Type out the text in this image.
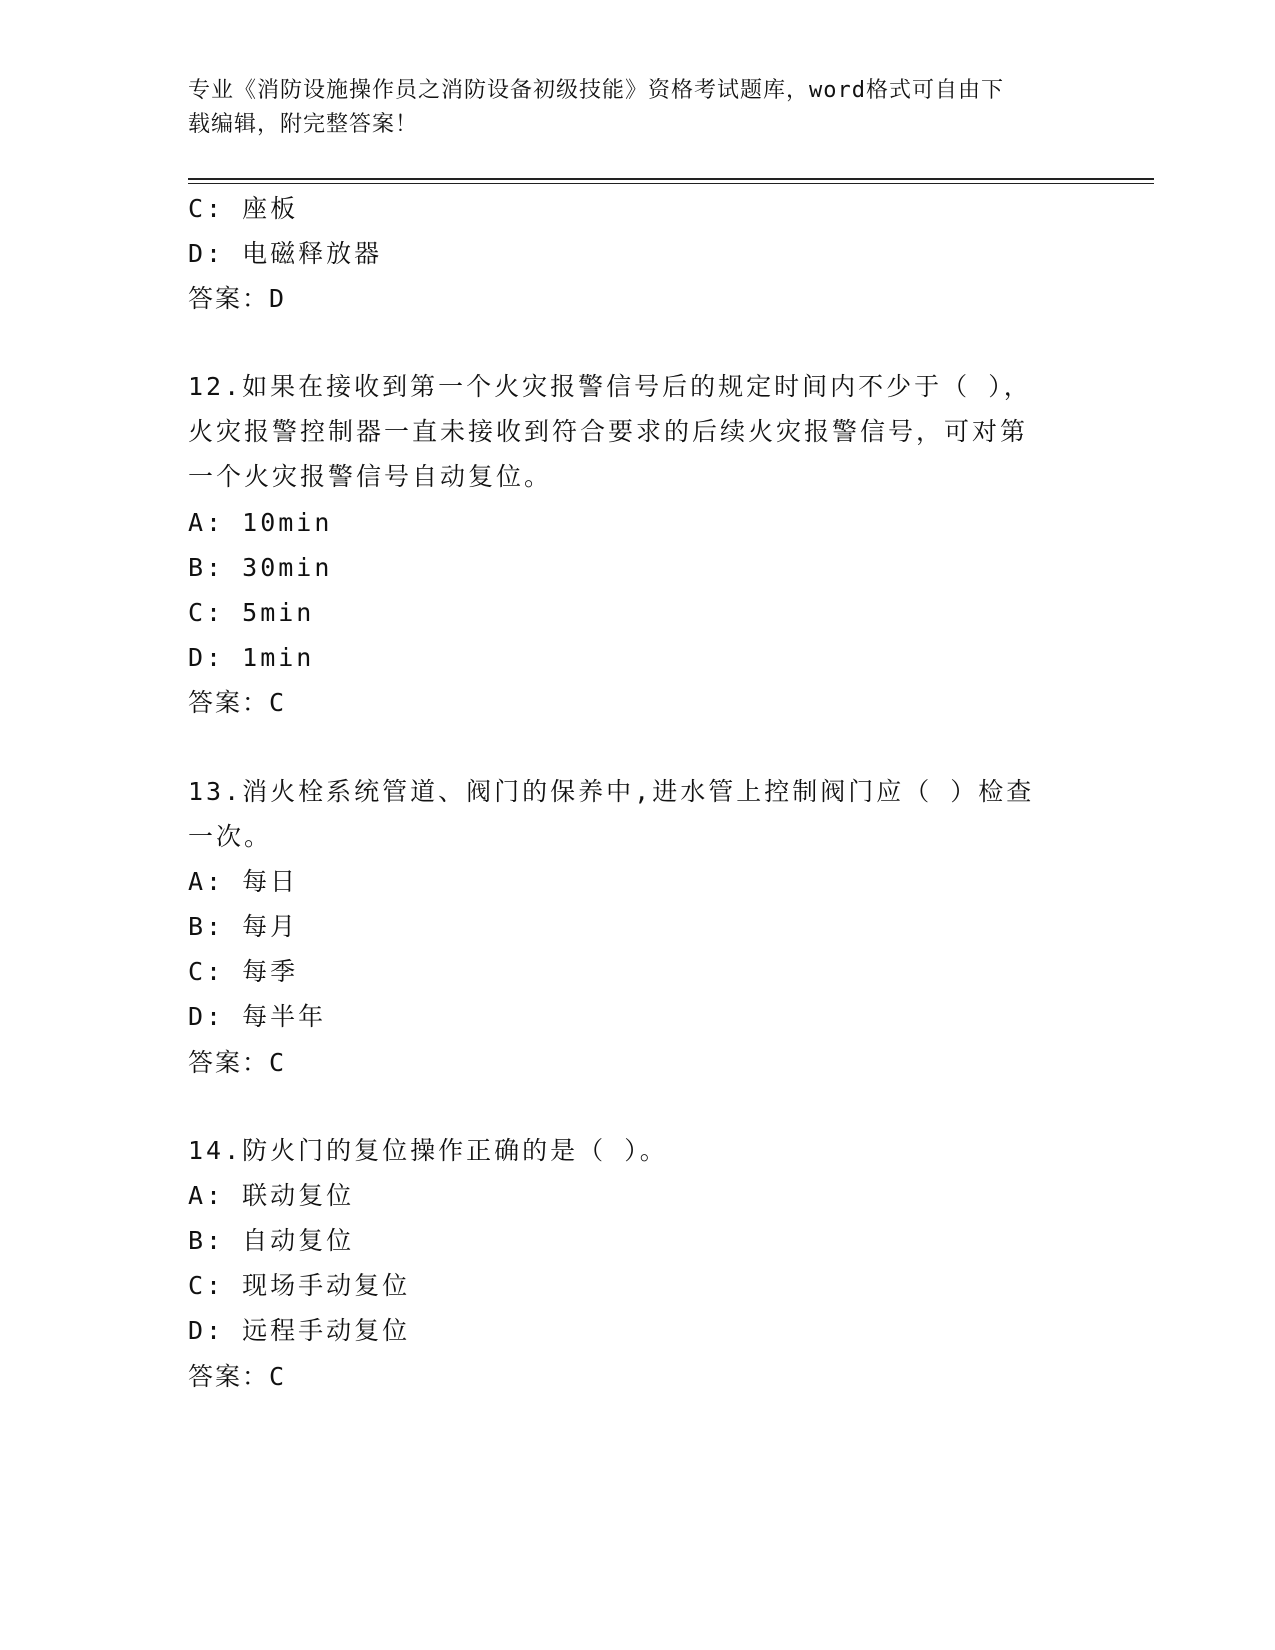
专业《消防设施操作员之消防设备初级技能》资格考试题库，word格式可自由下
载编辑，附完整答案！
C: 座板
D: 电磁释放器
答案：D
12.如果在接收到第一个火灾报警信号后的规定时间内不少于（ ），
火灾报警控制器一直未接收到符合要求的后续火灾报警信号，可对第
一个火灾报警信号自动复位。
A: 10min
B: 30min
C: 5min
D: 1min
答案：C
13.消火栓系统管道、阀门的保养中,进水管上控制阀门应（ ）检查
一次。
A: 每日
B: 每月
C: 每季
D: 每半年
答案：C
14.防火门的复位操作正确的是（ ）。
A: 联动复位
B: 自动复位
C: 现场手动复位
D: 远程手动复位
答案：C
